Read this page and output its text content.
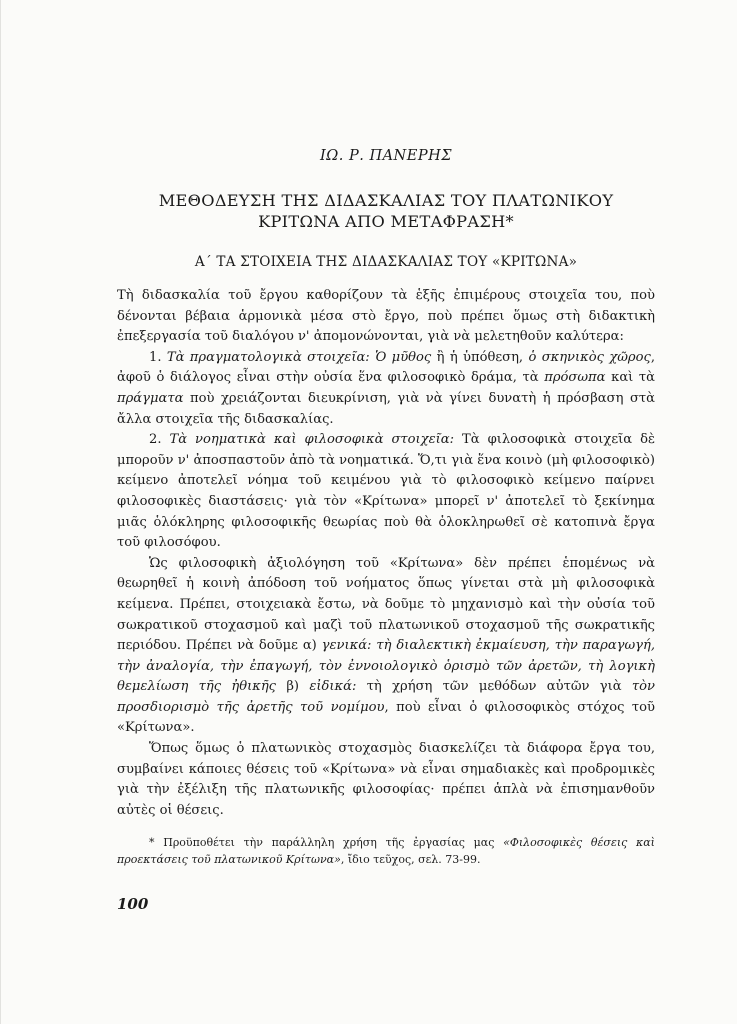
ΙΩ. Ρ. ΠΑΝΕΡΗΣ
ΜΕΘΟΔΕΥΣΗ ΤΗΣ ΔΙΔΑΣΚΑΛΙΑΣ ΤΟΥ ΠΛΑΤΩΝΙΚΟΥ
ΚΡΙΤΩΝΑ ΑΠΟ ΜΕΤΑΦΡΑΣΗ*
Α΄ ΤΑ ΣΤΟΙΧΕΙΑ ΤΗΣ ΔΙΔΑΣΚΑΛΙΑΣ ΤΟΥ «ΚΡΙΤΩΝΑ»

Τὴ διδασκαλία τοῦ ἔργου καθορίζουν τὰ ἑξῆς ἐπιμέρους στοιχεῖα του, ποὺ δένονται βέβαια ἁρμονικὰ μέσα στὸ ἔργο, ποὺ πρέπει ὅμως στὴ διδακτικὴ ἐπεξεργασία τοῦ διαλόγου ν' ἀπομονώνονται, γιὰ νὰ μελετηθοῦν καλύτερα:

1. Τὰ πραγματολογικὰ στοιχεῖα: Ὁ μῦθος ἢ ἡ ὑπόθεση, ὁ σκηνικὸς χῶρος, ἀφοῦ ὁ διάλογος εἶναι στὴν οὐσία ἕνα φιλοσοφικὸ δράμα, τὰ πρόσωπα καὶ τὰ πράγματα ποὺ χρειάζονται διευκρίνιση, γιὰ νὰ γίνει δυνατὴ ἡ πρόσβαση στὰ ἄλλα στοιχεῖα τῆς διδασκαλίας.

2. Τὰ νοηματικὰ καὶ φιλοσοφικὰ στοιχεῖα: Τὰ φιλοσοφικὰ στοιχεῖα δὲ μποροῦν ν' ἀποσπαστοῦν ἀπὸ τὰ νοηματικά. Ὅ,τι γιὰ ἕνα κοινὸ (μὴ φιλοσοφικὸ) κείμενο ἀποτελεῖ νόημα τοῦ κειμένου γιὰ τὸ φιλοσοφικὸ κείμενο παίρνει φιλοσοφικὲς διαστάσεις· γιὰ τὸν «Κρίτωνα» μπορεῖ ν' ἀποτελεῖ τὸ ξεκίνημα μιᾶς ὁλόκληρης φιλοσοφικῆς θεωρίας ποὺ θὰ ὁλοκληρωθεῖ σὲ κατοπινὰ ἔργα τοῦ φιλοσόφου.

Ὡς φιλοσοφικὴ ἀξιολόγηση τοῦ «Κρίτωνα» δὲν πρέπει ἑπομένως νὰ θεωρηθεῖ ἡ κοινὴ ἀπόδοση τοῦ νοήματος ὅπως γίνεται στὰ μὴ φιλοσοφικὰ κείμενα. Πρέπει, στοιχειακὰ ἔστω, νὰ δοῦμε τὸ μηχανισμὸ καὶ τὴν οὐσία τοῦ σωκρατικοῦ στοχασμοῦ καὶ μαζὶ τοῦ πλατωνικοῦ στοχασμοῦ τῆς σωκρατικῆς περιόδου. Πρέπει νὰ δοῦμε α) γενικά: τὴ διαλεκτικὴ ἐκμαίευση, τὴν παραγωγή, τὴν ἀναλογία, τὴν ἐπαγωγή, τὸν ἐννοιολογικὸ ὁρισμὸ τῶν ἀρετῶν, τὴ λογικὴ θεμελίωση τῆς ἠθικῆς β) εἰδικά: τὴ χρήση τῶν μεθόδων αὐτῶν γιὰ τὸν προσδιορισμὸ τῆς ἀρετῆς τοῦ νομίμου, ποὺ εἶναι ὁ φιλοσοφικὸς στόχος τοῦ «Κρίτωνα».

Ὅπως ὅμως ὁ πλατωνικὸς στοχασμὸς διασκελίζει τὰ διάφορα ἔργα του, συμβαίνει κάποιες θέσεις τοῦ «Κρίτωνα» νὰ εἶναι σημαδιακὲς καὶ προδρομικὲς γιὰ τὴν ἐξέλιξη τῆς πλατωνικῆς φιλοσοφίας· πρέπει ἁπλὰ νὰ ἐπισημανθοῦν αὐτὲς οἱ θέσεις.

* Προϋποθέτει τὴν παράλληλη χρήση τῆς ἐργασίας μας «Φιλοσοφικὲς θέσεις καὶ προεκτάσεις τοῦ πλατωνικοῦ Κρίτωνα», ἴδιο τεῦχος, σελ. 73-99.
100
